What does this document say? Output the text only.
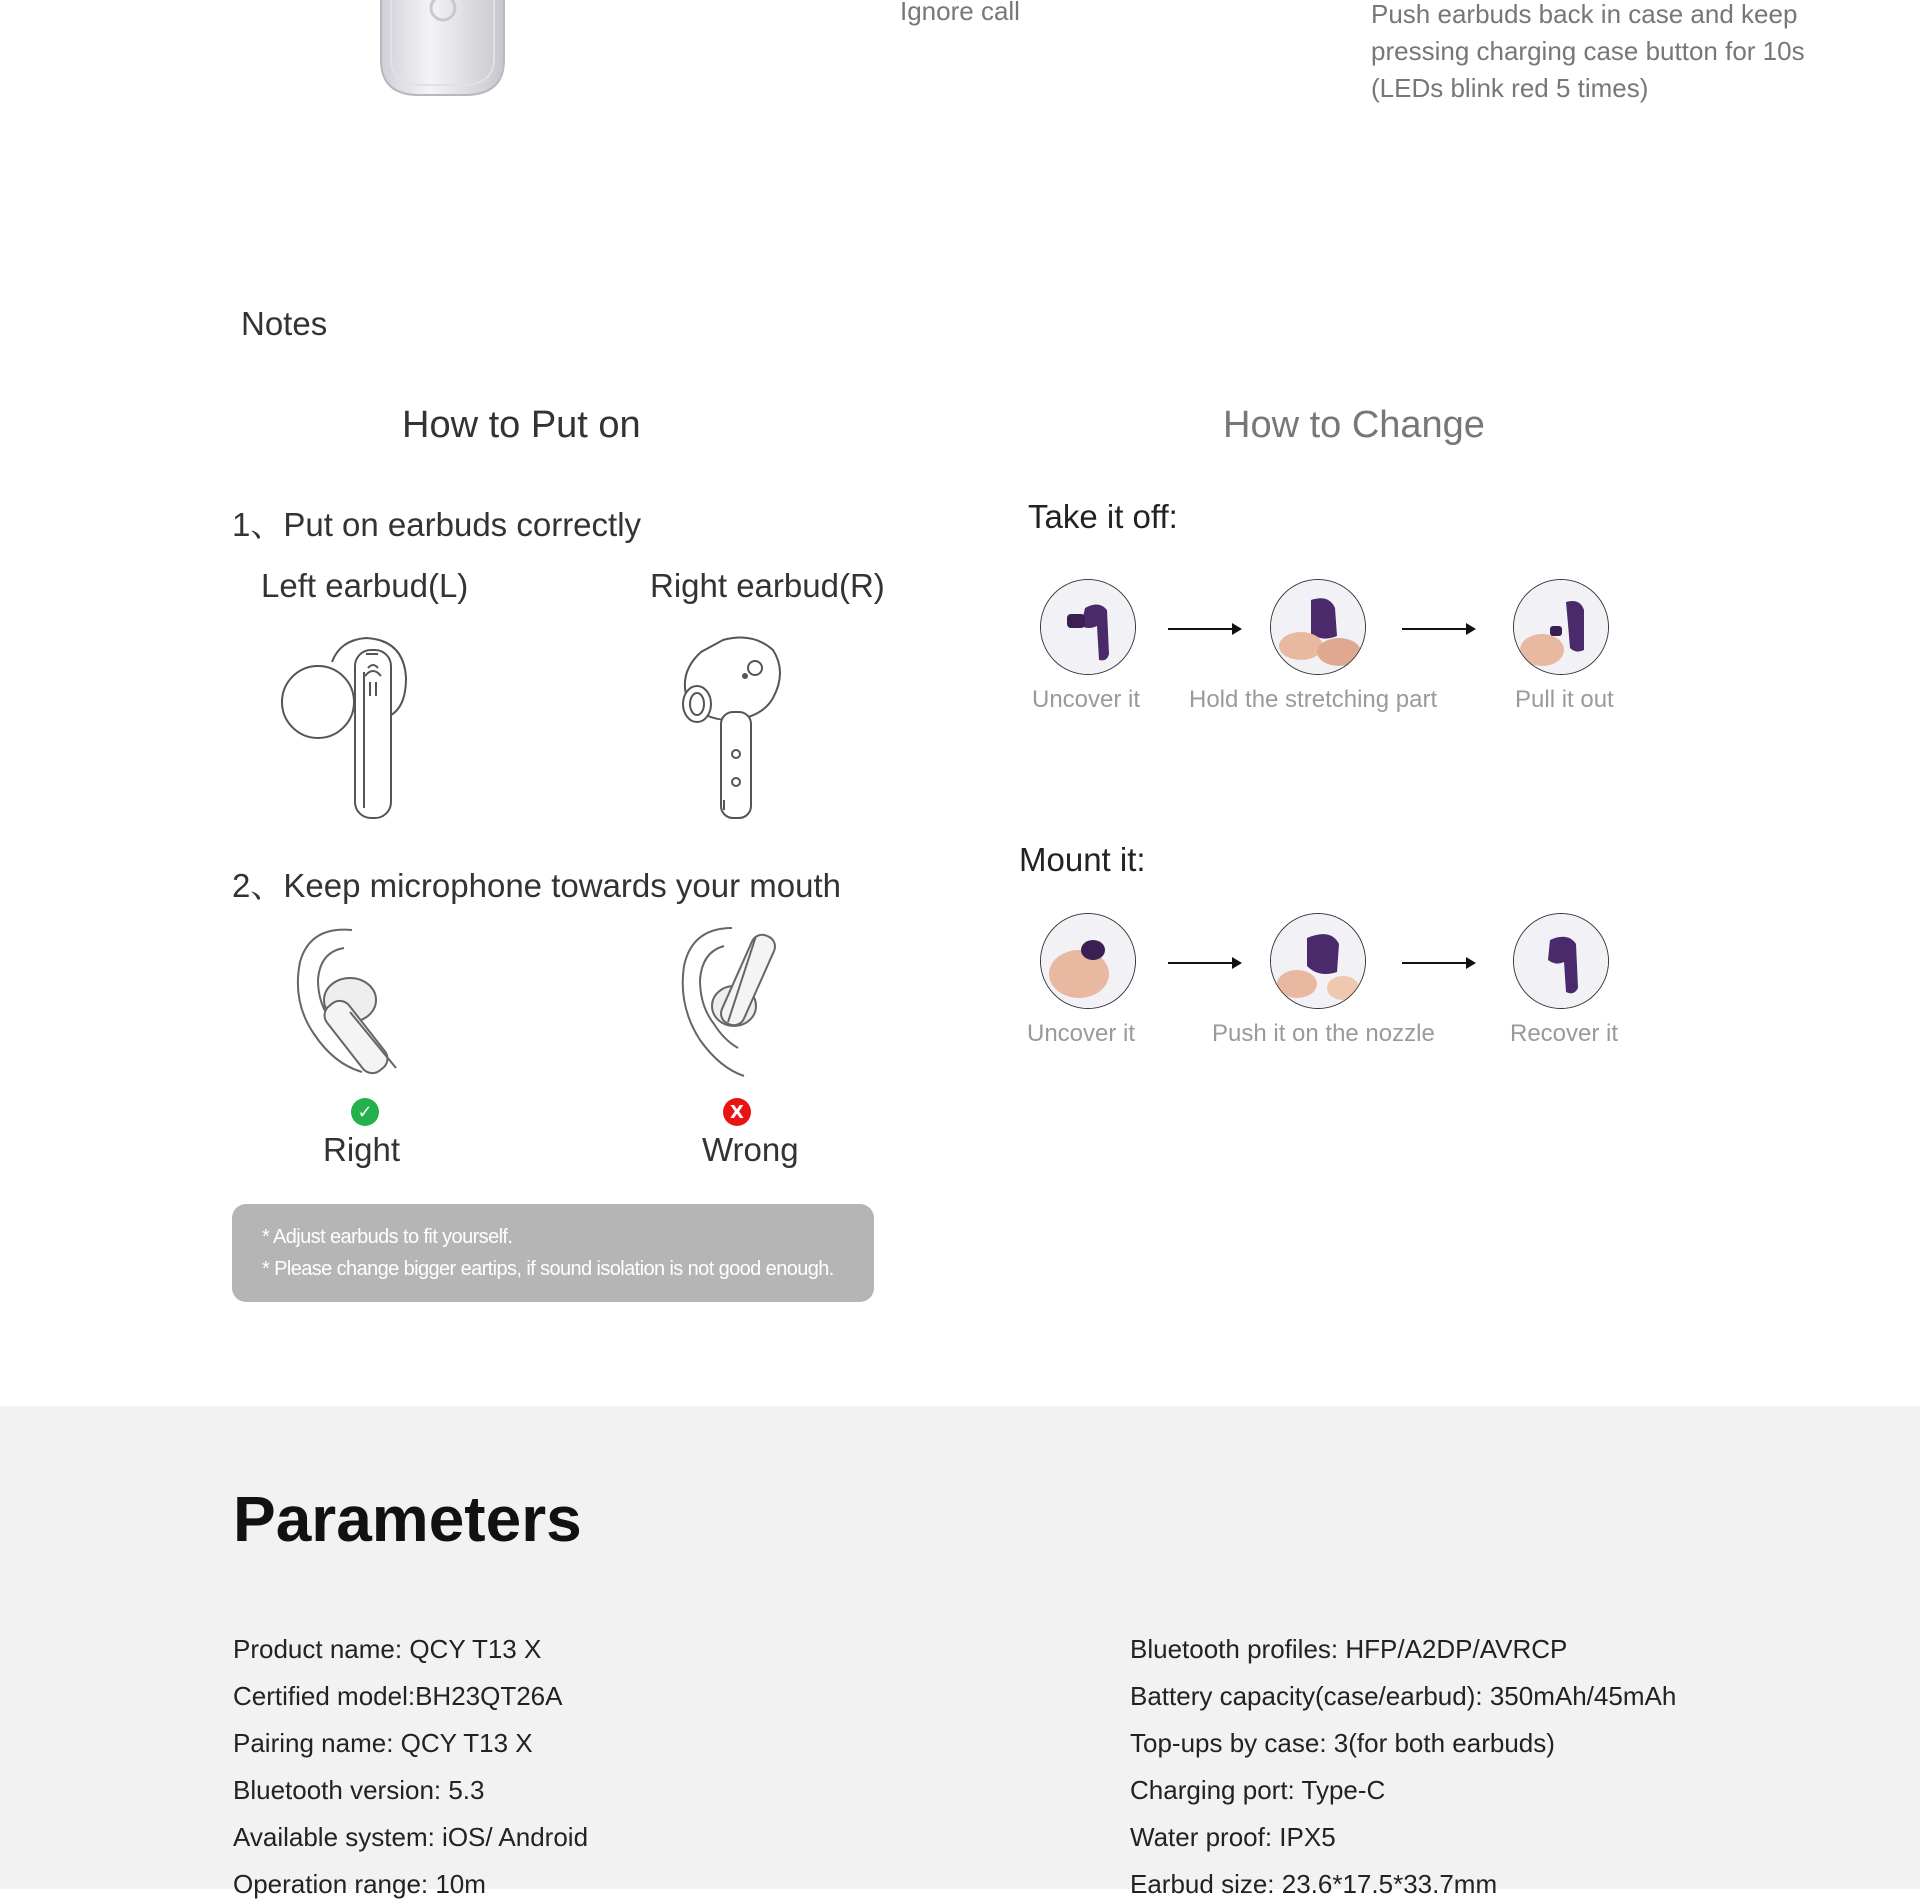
Ignore call	Push earbuds back in case and keep
pressing charging case button for 10s
(LEDs blink red 5 times)
Notes
How to Put on
1、Put on earbuds correctly
Left earbud(L)	Right earbud(R)
2、Keep microphone towards your mouth
✓
Right
X
Wrong
* Adjust earbuds to fit yourself.
* Please change bigger eartips, if sound isolation is not good enough.
How to Change
Take it off:
Uncover it Hold the stretching part	Pull it out
Mount it:
Uncover it	Push it on the nozzle	Recover it
Parameters
Product name: QCY T13 X
Certified model:BH23QT26A
Pairing name: QCY T13 X
Bluetooth version: 5.3
Available system: iOS/ Android
Operation range: 10m
Bluetooth profiles: HFP/A2DP/AVRCP
Battery capacity(case/earbud): 350mAh/45mAh
Top-ups by case: 3(for both earbuds)
Charging port: Type-C
Water proof: IPX5
Earbud size: 23.6*17.5*33.7mm
